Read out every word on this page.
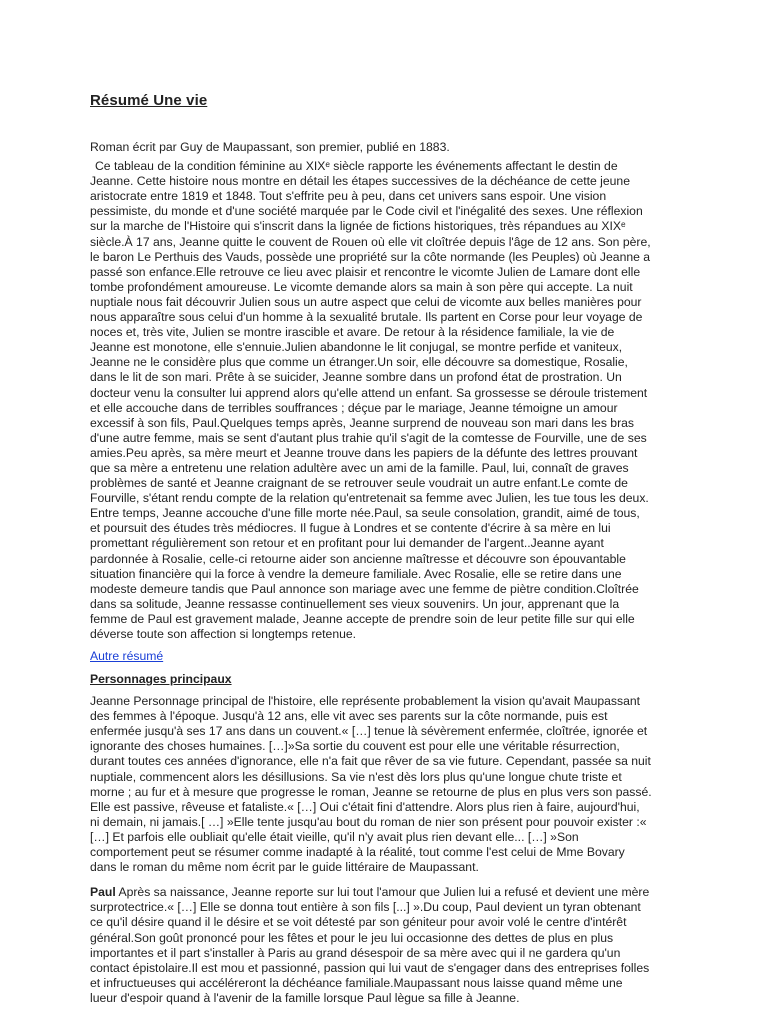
Résumé Une vie

Roman écrit par Guy de Maupassant, son premier, publié en 1883.

Ce tableau de la condition féminine au XIXᵉ siècle rapporte les événements affectant le destin de Jeanne. Cette histoire nous montre en détail les étapes successives de la déchéance de cette jeune aristocrate entre 1819 et 1848. Tout s'effrite peu à peu, dans cet univers sans espoir. Une vision pessimiste, du monde et d'une société marquée par le Code civil et l'inégalité des sexes. Une réflexion sur la marche de l'Histoire qui s'inscrit dans la lignée de fictions historiques, très répandues au XIXᵉ siècle.À 17 ans, Jeanne quitte le couvent de Rouen où elle vit cloîtrée depuis l'âge de 12 ans. Son père, le baron Le Perthuis des Vauds, possède une propriété sur la côte normande (les Peuples) où Jeanne a passé son enfance.Elle retrouve ce lieu avec plaisir et rencontre le vicomte Julien de Lamare dont elle tombe profondément amoureuse. Le vicomte demande alors sa main à son père qui accepte. La nuit nuptiale nous fait découvrir Julien sous un autre aspect que celui de vicomte aux belles manières pour nous apparaître sous celui d'un homme à la sexualité brutale. Ils partent en Corse pour leur voyage de noces et, très vite, Julien se montre irascible et avare. De retour à la résidence familiale, la vie de Jeanne est monotone, elle s'ennuie.Julien abandonne le lit conjugal, se montre perfide et vaniteux, Jeanne ne le considère plus que comme un étranger.Un soir, elle découvre sa domestique, Rosalie, dans le lit de son mari. Prête à se suicider, Jeanne sombre dans un profond état de prostration. Un docteur venu la consulter lui apprend alors qu'elle attend un enfant. Sa grossesse se déroule tristement et elle accouche dans de terribles souffrances ; déçue par le mariage, Jeanne témoigne un amour excessif à son fils, Paul.Quelques temps après, Jeanne surprend de nouveau son mari dans les bras d'une autre femme, mais se sent d'autant plus trahie qu'il s'agit de la comtesse de Fourville, une de ses amies.Peu après, sa mère meurt et Jeanne trouve dans les papiers de la défunte des lettres prouvant que sa mère a entretenu une relation adultère avec un ami de la famille. Paul, lui, connaît de graves problèmes de santé et Jeanne craignant de se retrouver seule voudrait un autre enfant.Le comte de Fourville, s'étant rendu compte de la relation qu'entretenait sa femme avec Julien, les tue tous les deux. Entre temps, Jeanne accouche d'une fille morte née.Paul, sa seule consolation, grandit, aimé de tous, et poursuit des études très médiocres. Il fugue à Londres et se contente d'écrire à sa mère en lui promettant régulièrement son retour et en profitant pour lui demander de l'argent..Jeanne ayant pardonnée à Rosalie, celle-ci retourne aider son ancienne maîtresse et découvre son épouvantable situation financière qui la force à vendre la demeure familiale. Avec Rosalie, elle se retire dans une modeste demeure tandis que Paul annonce son mariage avec une femme de piètre condition.Cloîtrée dans sa solitude, Jeanne ressasse continuellement ses vieux souvenirs. Un jour, apprenant que la femme de Paul est gravement malade, Jeanne accepte de prendre soin de leur petite fille sur qui elle déverse toute son affection si longtemps retenue.

Autre résumé
Personnages principaux

Jeanne Personnage principal de l'histoire, elle représente probablement la vision qu'avait Maupassant des femmes à l'époque. Jusqu'à 12 ans, elle vit avec ses parents sur la côte normande, puis est enfermée jusqu'à ses 17 ans dans un couvent.« […] tenue là sévèrement enfermée, cloîtrée, ignorée et ignorante des choses humaines. […]»Sa sortie du couvent est pour elle une véritable résurrection, durant toutes ces années d'ignorance, elle n'a fait que rêver de sa vie future. Cependant, passée sa nuit nuptiale, commencent alors les désillusions. Sa vie n'est dès lors plus qu'une longue chute triste et morne ; au fur et à mesure que progresse le roman, Jeanne se retourne de plus en plus vers son passé. Elle est passive, rêveuse et fataliste.« […] Oui c'était fini d'attendre. Alors plus rien à faire, aujourd'hui, ni demain, ni jamais.[ …] »Elle tente jusqu'au bout du roman de nier son présent pour pouvoir exister :« […] Et parfois elle oubliait qu'elle était vieille, qu'il n'y avait plus rien devant elle... […] »Son comportement peut se résumer comme inadapté à la réalité, tout comme l'est celui de Mme Bovary dans le roman du même nom écrit par le guide littéraire de Maupassant.

Paul Après sa naissance, Jeanne reporte sur lui tout l'amour que Julien lui a refusé et devient une mère surprotectrice.« […] Elle se donna tout entière à son fils [...] ».Du coup, Paul devient un tyran obtenant ce qu'il désire quand il le désire et se voit détesté par son géniteur pour avoir volé le centre d'intérêt général.Son goût prononcé pour les fêtes et pour le jeu lui occasionne des dettes de plus en plus importantes et il part s'installer à Paris au grand désespoir de sa mère avec qui il ne gardera qu'un contact épistolaire.Il est mou et passionné, passion qui lui vaut de s'engager dans des entreprises folles et infructueuses qui accéléreront la déchéance familiale.Maupassant nous laisse quand même une lueur d'espoir quand à l'avenir de la famille lorsque Paul lègue sa fille à Jeanne.
